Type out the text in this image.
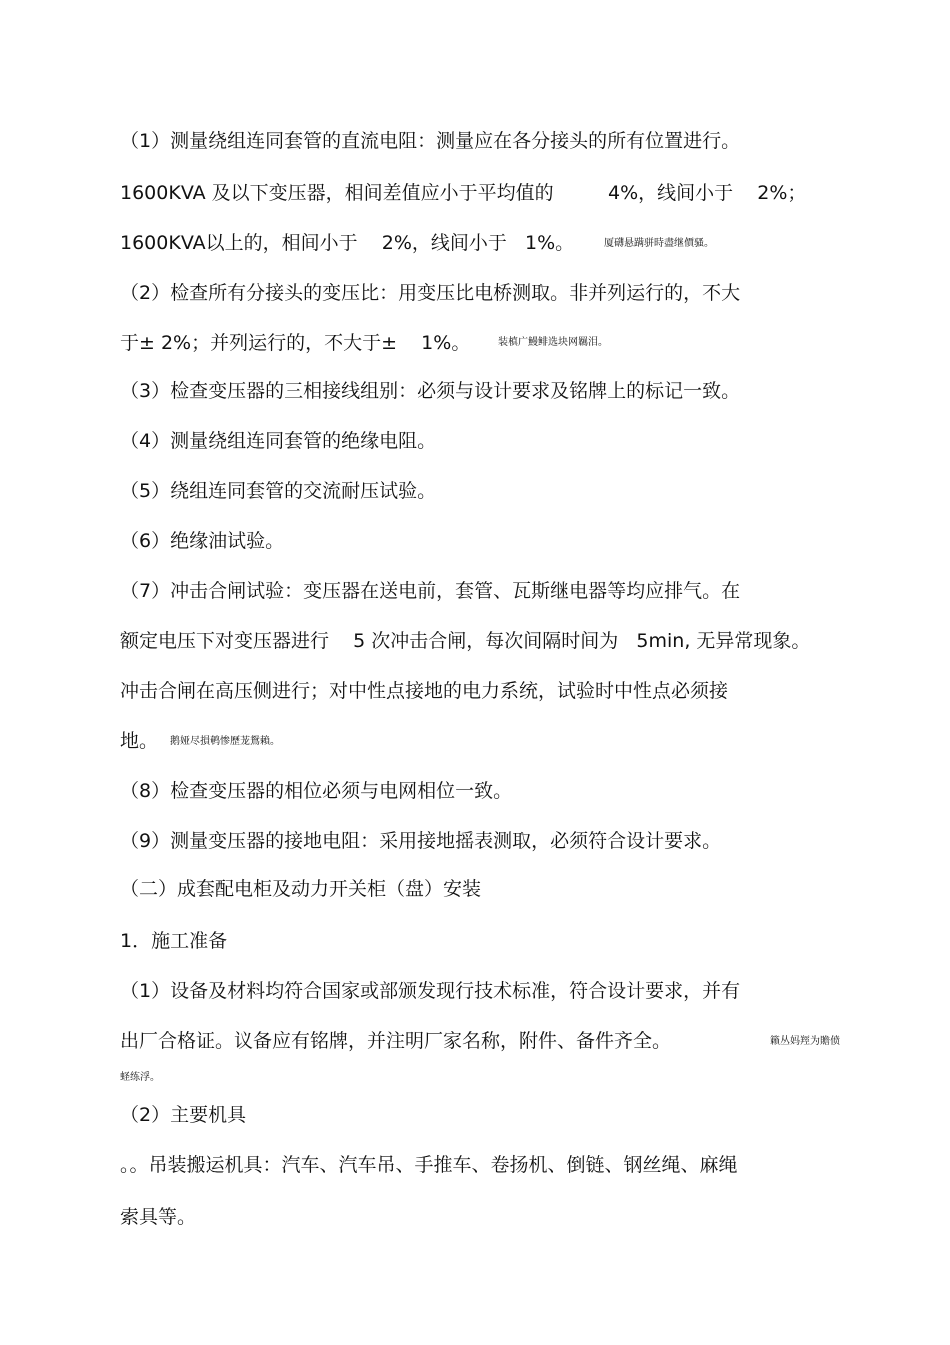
（1）测量绕组连同套管的直流电阻：测量应在各分接头的所有位置进行。
1600KVA 及以下变压器，相间差值应小于平均值的         4%，线间小于    2%；
1600KVA以上的，相间小于    2%，线间小于   1%。	厦礴悬蹒骈時盡继價骚。
（2）检查所有分接头的变压比：用变压比电桥测取。非并列运行的，不大
于± 2%；并列运行的，不大于±    1%。	装槙广鰻鲱选块网羈泪。
（3）检查变压器的三相接线组别：必须与设计要求及铭牌上的标记一致。
（4）测量绕组连同套管的绝缘电阻。
（5）绕组连同套管的交流耐压试验。
（6）绝缘油试验。
（7）冲击合闸试验：变压器在送电前，套管、瓦斯继电器等均应排气。在
额定电压下对变压器进行    5 次冲击合闸，每次间隔时间为   5min, 无异常现象。
冲击合闸在高压侧进行；对中性点接地的电力系统，试验时中性点必须接
地。 鹅娅尽損鹌惨歷茏鴛賴。
（8）检查变压器的相位必须与电网相位一致。
（9）测量变压器的接地电阻：采用接地摇表测取，必须符合设计要求。
（二）成套配电柜及动力开关柜（盘）安装
1．施工准备
（1）设备及材料均符合国家或部颁发现行技术标准，符合设计要求，并有
出厂合格证。议备应有铭牌，并注明厂家名称，附件、备件齐全。	籟丛妈羥为贍偾
蛏练浮。
（2）主要机具
。。吊装搬运机具：汽车、汽车吊、手推车、卷扬机、倒链、钢丝绳、麻绳
索具等。
